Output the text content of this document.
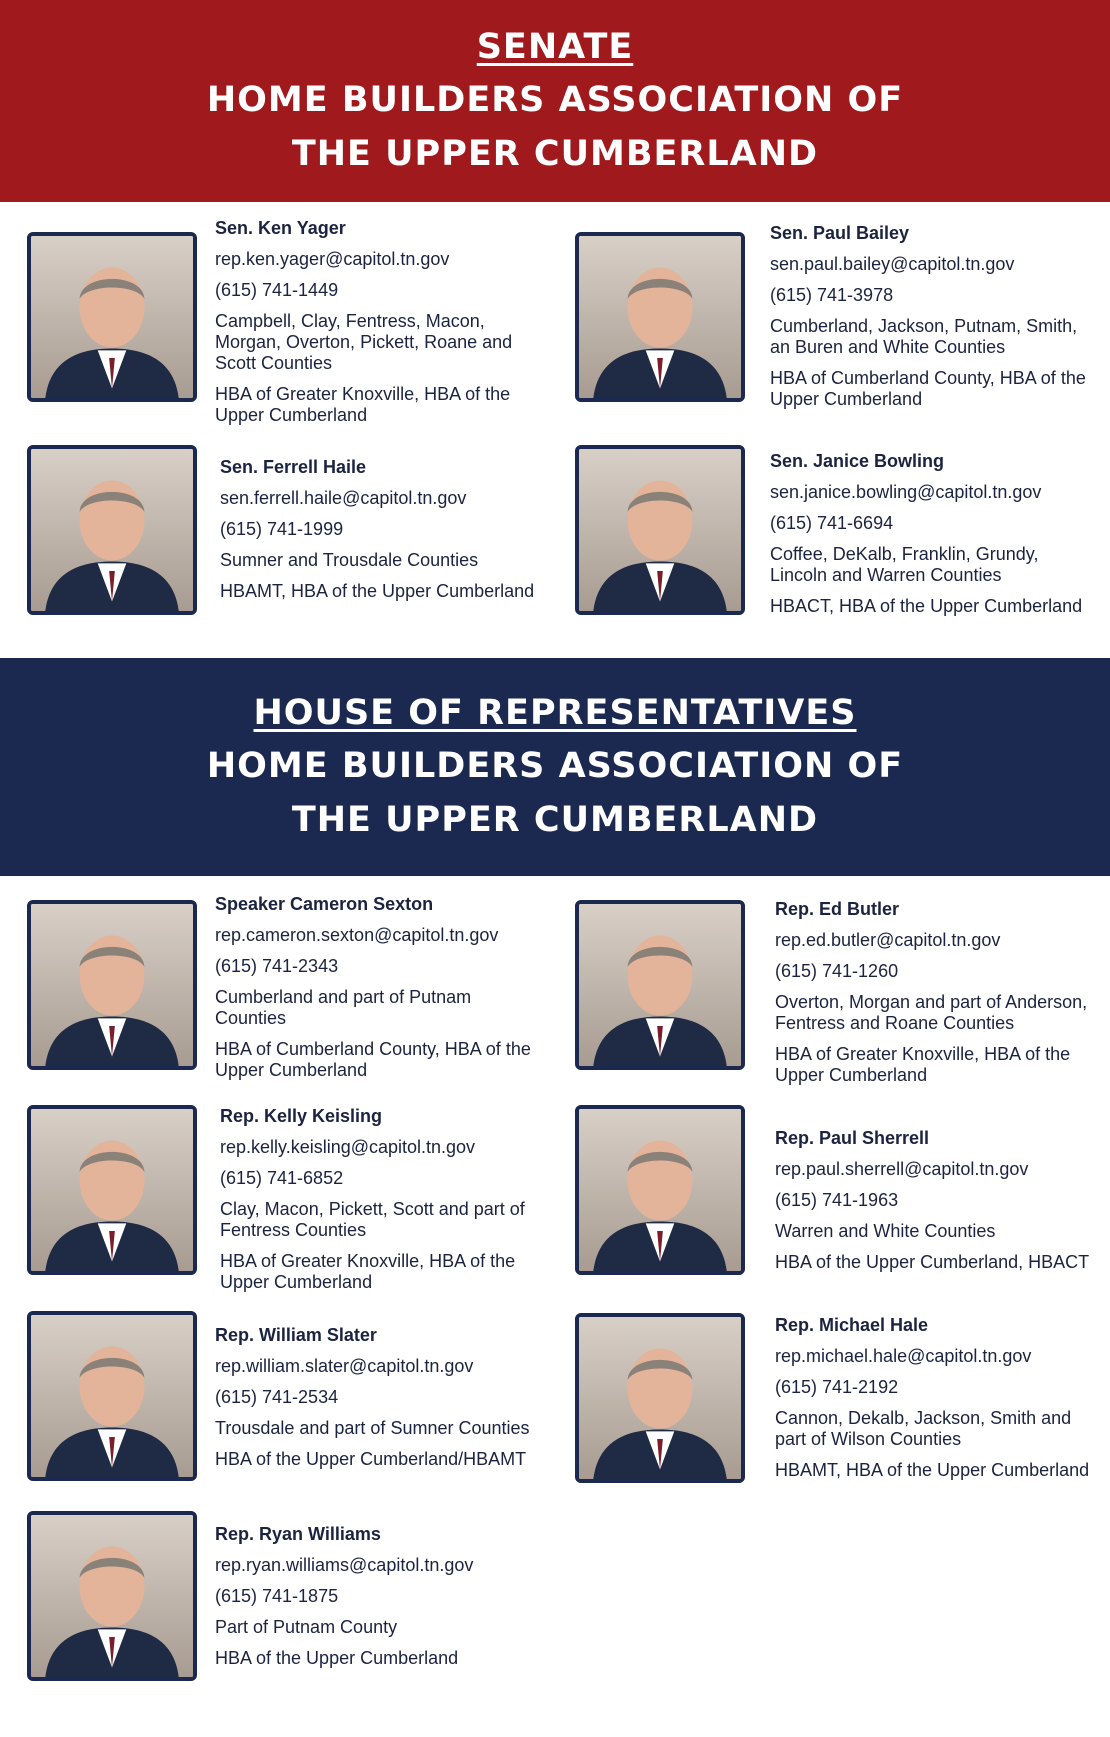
SENATE
HOME BUILDERS ASSOCIATION OF
THE UPPER CUMBERLAND
Sen. Ken Yager
rep.ken.yager@capitol.tn.gov
(615) 741-1449
Campbell, Clay, Fentress, Macon, Morgan, Overton, Pickett, Roane and Scott Counties
HBA of Greater Knoxville, HBA of the Upper Cumberland
Sen. Paul Bailey
sen.paul.bailey@capitol.tn.gov
(615) 741-3978
Cumberland, Jackson, Putnam, Smith, an Buren and White Counties
HBA of Cumberland County, HBA of the Upper Cumberland
Sen. Ferrell Haile
sen.ferrell.haile@capitol.tn.gov
(615) 741-1999
Sumner and Trousdale Counties
HBAMT, HBA of the Upper Cumberland
Sen. Janice Bowling
sen.janice.bowling@capitol.tn.gov
(615) 741-6694
Coffee, DeKalb, Franklin, Grundy, Lincoln and Warren Counties
HBACT, HBA of the Upper Cumberland
HOUSE OF REPRESENTATIVES
HOME BUILDERS ASSOCIATION OF
THE UPPER CUMBERLAND
Speaker Cameron Sexton
rep.cameron.sexton@capitol.tn.gov
(615) 741-2343
Cumberland and part of Putnam Counties
HBA of Cumberland County, HBA of the Upper Cumberland
Rep. Ed Butler
rep.ed.butler@capitol.tn.gov
(615) 741-1260
Overton, Morgan and part of Anderson, Fentress and Roane Counties
HBA of Greater Knoxville, HBA of the Upper Cumberland
Rep. Kelly Keisling
rep.kelly.keisling@capitol.tn.gov
(615) 741-6852
Clay, Macon, Pickett, Scott and part of Fentress Counties
HBA of Greater Knoxville, HBA of the Upper Cumberland
Rep. Paul Sherrell
rep.paul.sherrell@capitol.tn.gov
(615) 741-1963
Warren and White Counties
HBA of the Upper Cumberland, HBACT
Rep. William Slater
rep.william.slater@capitol.tn.gov
(615) 741-2534
Trousdale and part of Sumner Counties
HBA of the Upper Cumberland/HBAMT
Rep. Michael Hale
rep.michael.hale@capitol.tn.gov
(615) 741-2192
Cannon, Dekalb, Jackson, Smith and part of Wilson Counties
HBAMT, HBA of the Upper Cumberland
Rep. Ryan Williams
rep.ryan.williams@capitol.tn.gov
(615) 741-1875
Part of Putnam County
HBA of the Upper Cumberland
